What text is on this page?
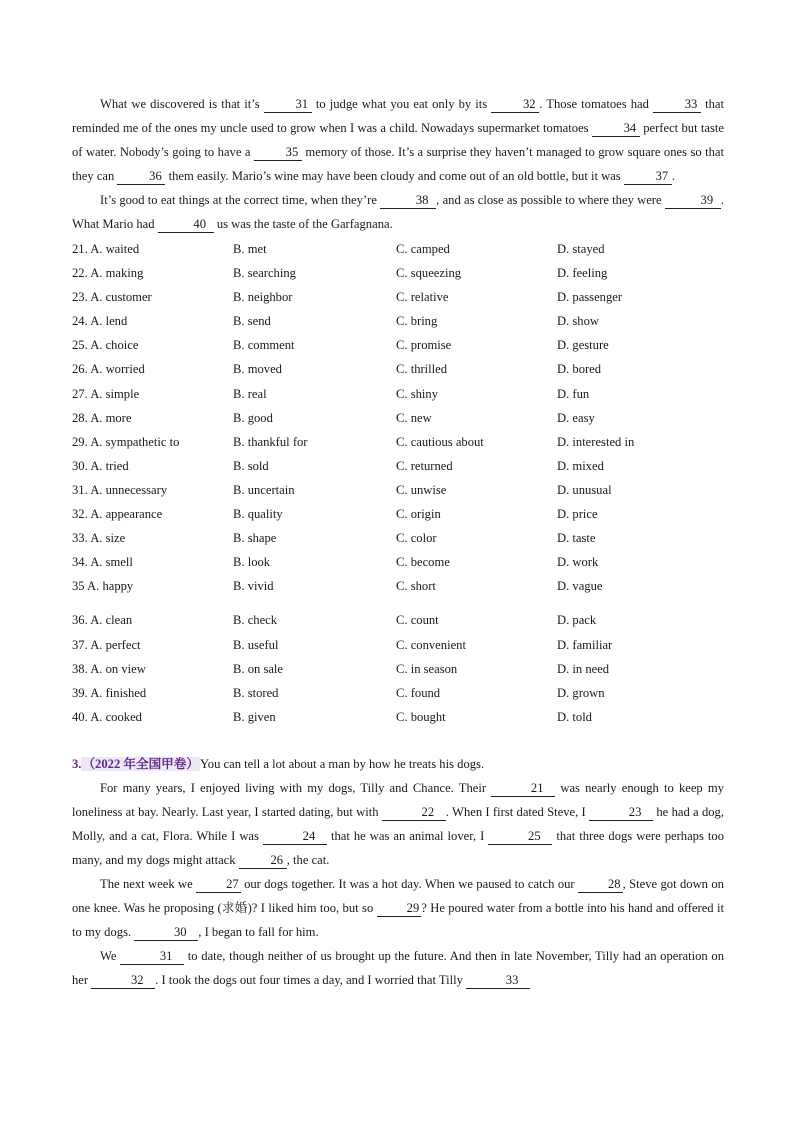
What we discovered is that it’s	31 to judge what you eat only by its	32 . Those tomatoes had	33 that reminded me of the ones my uncle used to grow when I was a child. Nowadays supermarket tomatoes	34 perfect but taste of water. Nobody’s going to have a	35 memory of those. It’s a surprise they haven’t managed to grow square ones so that they can	36 them easily. Mario’s wine may have been cloudy and come out of an old bottle, but it was	37 .

It’s good to eat things at the correct time, when they’re	38 , and as close as possible to where they were	39 . What Mario had	40 us was the taste of the Garfagnana.

21. A. waited	B. met	C. camped	D. stayed
22. A. making	B. searching	C. squeezing	D. feeling
23. A. customer	B. neighbor	C. relative	D. passenger
24. A. lend	B. send	C. bring	D. show
25. A. choice	B. comment	C. promise	D. gesture
26. A. worried	B. moved	C. thrilled	D. bored
27. A. simple	B. real	C. shiny	D. fun
28. A. more	B. good	C. new	D. easy
29. A. sympathetic to	B. thankful for	C. cautious about	D. interested in
30. A. tried	B. sold	C. returned	D. mixed
31. A. unnecessary	B. uncertain	C. unwise	D. unusual
32. A. appearance	B. quality	C. origin	D. price
33. A. size	B. shape	C. color	D. taste
34. A. smell	B. look	C. become	D. work
35 A. happy	B. vivid	C. short	D. vague
36. A. clean	B. check	C. count	D. pack
37. A. perfect	B. useful	C. convenient	D. familiar
38. A. on view	B. on sale	C. in season	D. in need
39. A. finished	B. stored	C. found	D. grown
40. A. cooked	B. given	C. bought	D. told

3.（2022 年全国甲卷）You can tell a lot about a man by how he treats his dogs.

For many years, I enjoyed living with my dogs, Tilly and Chance. Their	21 was nearly enough to keep my loneliness at bay. Nearly. Last year, I started dating, but with	22 . When I first dated Steve, I	23 he had a dog, Molly, and a cat, Flora. While I was	24 that he was an animal lover, I	25 that three dogs were perhaps too many, and my dogs might attack	26 , the cat.

The next week we 27 our dogs together. It was a hot day. When we paused to catch our 28 , Steve got down on one knee. Was he proposing (求婚)? I liked him too, but so 29 ? He poured water from a bottle into his hand and offered it to my dogs.	30 , I began to fall for him.

We	31 to date, though neither of us brought up the future. And then in late November, Tilly had an operation on her	32 . I took the dogs out four times a day, and I worried that Tilly	33
